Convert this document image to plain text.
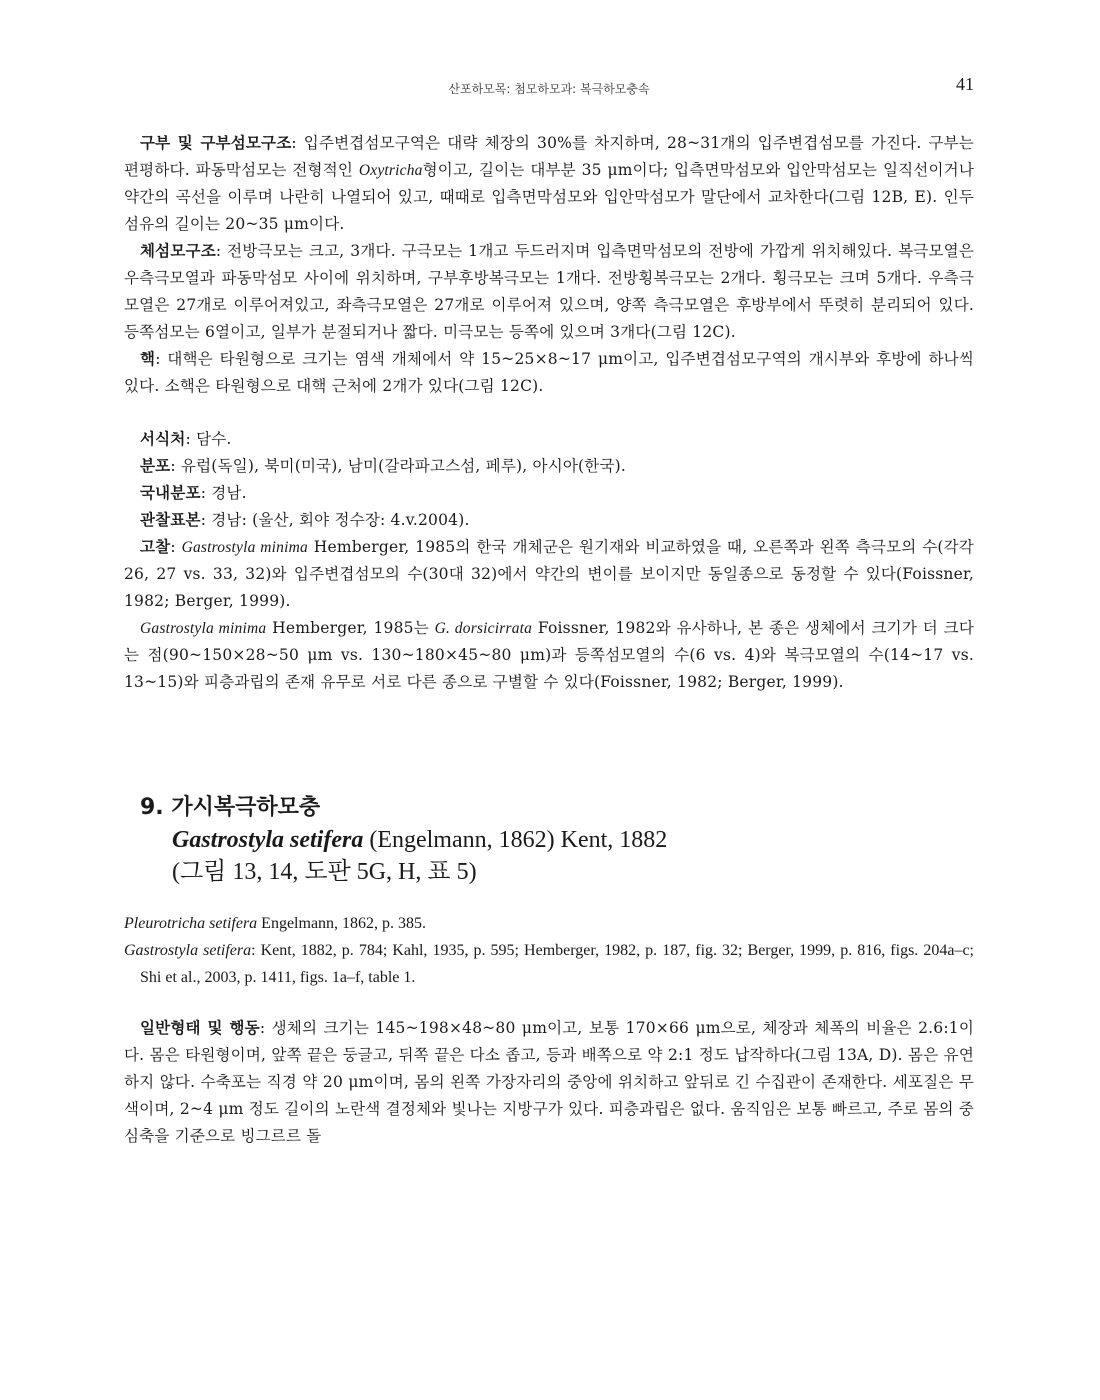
산포하모목: 첨모하모과: 복극하모충속	41

구부 및 구부섬모구조: 입주변겹섬모구역은 대략 체장의 30%를 차지하며, 28~31개의 입주변겹섬모를 가진다. 구부는 편평하다. 파동막섬모는 전형적인 Oxytricha형이고, 길이는 대부분 35 μm이다; 입측면막섬모와 입안막섬모는 일직선이거나 약간의 곡선을 이루며 나란히 나열되어 있고, 때때로 입측면막섬모와 입안막섬모가 말단에서 교차한다(그림 12B, E). 인두섬유의 길이는 20~35 μm이다.

체섬모구조: 전방극모는 크고, 3개다. 구극모는 1개고 두드러지며 입측면막섬모의 전방에 가깝게 위치해있다. 복극모열은 우측극모열과 파동막섬모 사이에 위치하며, 구부후방복극모는 1개다. 전방횡복극모는 2개다. 횡극모는 크며 5개다. 우측극모열은 27개로 이루어져있고, 좌측극모열은 27개로 이루어져 있으며, 양쪽 측극모열은 후방부에서 뚜렷히 분리되어 있다. 등쪽섬모는 6열이고, 일부가 분절되거나 짧다. 미극모는 등쪽에 있으며 3개다(그림 12C).

핵: 대핵은 타원형으로 크기는 염색 개체에서 약 15~25×8~17 μm이고, 입주변겹섬모구역의 개시부와 후방에 하나씩 있다. 소핵은 타원형으로 대핵 근처에 2개가 있다(그림 12C).

서식처: 담수.

분포: 유럽(독일), 북미(미국), 남미(갈라파고스섬, 페루), 아시아(한국).

국내분포: 경남.

관찰표본: 경남: (울산, 회야 정수장: 4.v.2004).

고찰: Gastrostyla minima Hemberger, 1985의 한국 개체군은 원기재와 비교하였을 때, 오른쪽과 왼쪽 측극모의 수(각각 26, 27 vs. 33, 32)와 입주변겹섬모의 수(30대 32)에서 약간의 변이를 보이지만 동일종으로 동정할 수 있다(Foissner, 1982; Berger, 1999).

Gastrostyla minima Hemberger, 1985는 G. dorsicirrata Foissner, 1982와 유사하나, 본 종은 생체에서 크기가 더 크다는 점(90~150×28~50 μm vs. 130~180×45~80 μm)과 등쪽섬모열의 수(6 vs. 4)와 복극모열의 수(14~17 vs. 13~15)와 피층과립의 존재 유무로 서로 다른 종으로 구별할 수 있다(Foissner, 1982; Berger, 1999).

9. 가시복극하모충
Gastrostyla setifera (Engelmann, 1862) Kent, 1882
(그림 13, 14, 도판 5G, H, 표 5)

Pleurotricha setifera Engelmann, 1862, p. 385.

Gastrostyla setifera: Kent, 1882, p. 784; Kahl, 1935, p. 595; Hemberger, 1982, p. 187, fig. 32; Berger, 1999, p. 816, figs. 204a–c; Shi et al., 2003, p. 1411, figs. 1a–f, table 1.

일반형태 및 행동: 생체의 크기는 145~198×48~80 μm이고, 보통 170×66 μm으로, 체장과 체폭의 비율은 2.6:1이다. 몸은 타원형이며, 앞쪽 끝은 둥글고, 뒤쪽 끝은 다소 좁고, 등과 배쪽으로 약 2:1 정도 납작하다(그림 13A, D). 몸은 유연하지 않다. 수축포는 직경 약 20 μm이며, 몸의 왼쪽 가장자리의 중앙에 위치하고 앞뒤로 긴 수집관이 존재한다. 세포질은 무색이며, 2~4 μm 정도 길이의 노란색 결정체와 빛나는 지방구가 있다. 피층과립은 없다. 움직임은 보통 빠르고, 주로 몸의 중심축을 기준으로 빙그르르 돌
